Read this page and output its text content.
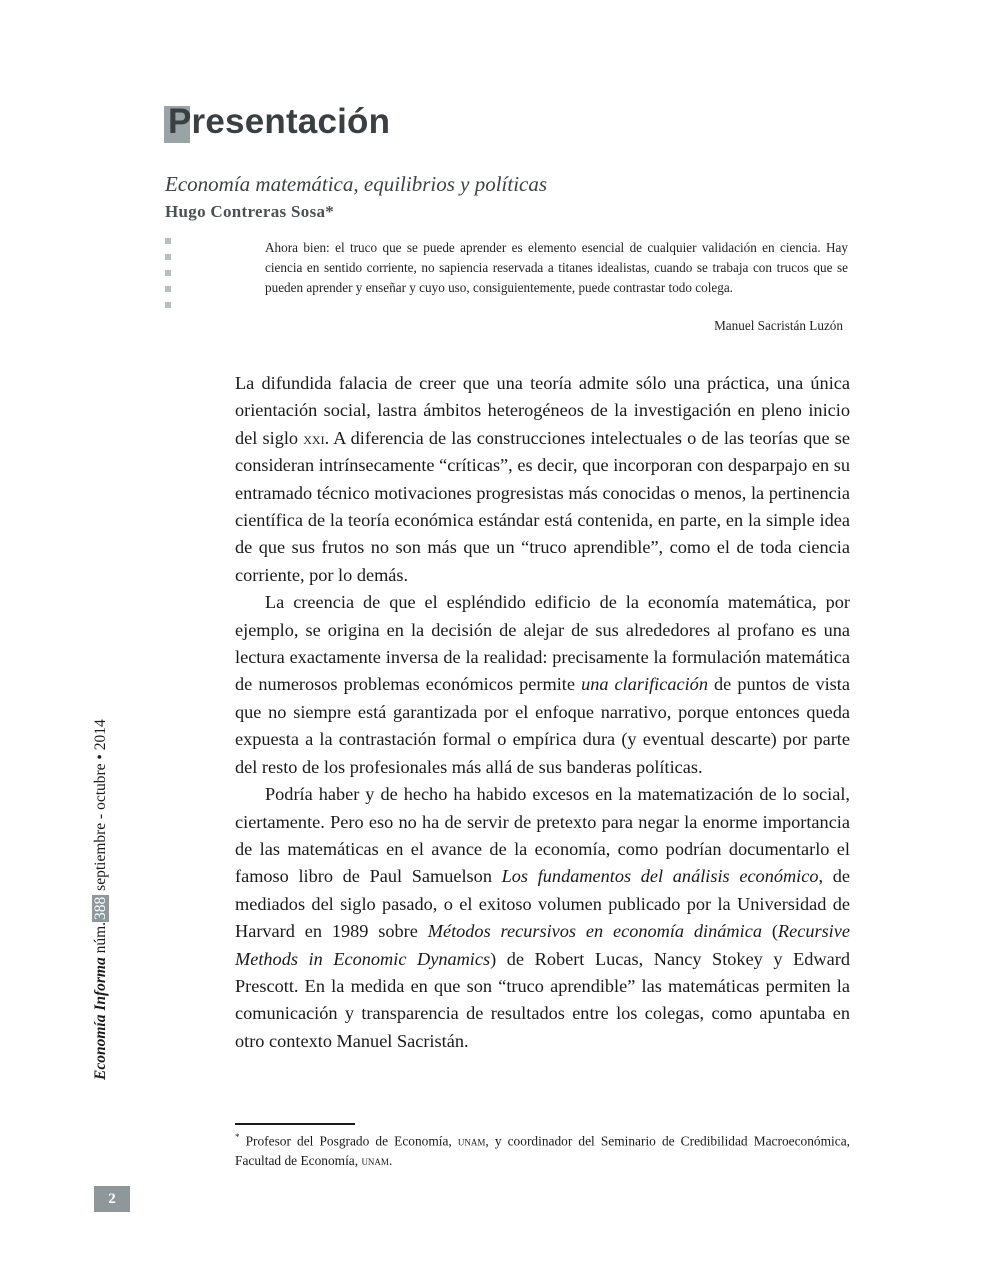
Presentación
Economía matemática, equilibrios y políticas
Hugo Contreras Sosa*
Ahora bien: el truco que se puede aprender es elemento esencial de cualquier validación en ciencia. Hay ciencia en sentido corriente, no sapiencia reservada a titanes idealistas, cuando se trabaja con trucos que se pueden aprender y enseñar y cuyo uso, consiguientemente, puede contrastar todo colega.
Manuel Sacristán Luzón

La difundida falacia de creer que una teoría admite sólo una práctica, una única orientación social, lastra ámbitos heterogéneos de la investigación en pleno inicio del siglo xxi. A diferencia de las construcciones intelectuales o de las teorías que se consideran intrínsecamente “críticas”, es decir, que incorporan con desparpajo en su entramado técnico motivaciones progresistas más conocidas o menos, la pertinencia científica de la teoría económica estándar está contenida, en parte, en la simple idea de que sus frutos no son más que un “truco aprendible”, como el de toda ciencia corriente, por lo demás.

La creencia de que el espléndido edificio de la economía matemática, por ejemplo, se origina en la decisión de alejar de sus alrededores al profano es una lectura exactamente inversa de la realidad: precisamente la formulación matemática de numerosos problemas económicos permite una clarificación de puntos de vista que no siempre está garantizada por el enfoque narrativo, porque entonces queda expuesta a la contrastación formal o empírica dura (y eventual descarte) por parte del resto de los profesionales más allá de sus banderas políticas.

Podría haber y de hecho ha habido excesos en la matematización de lo social, ciertamente. Pero eso no ha de servir de pretexto para negar la enorme importancia de las matemáticas en el avance de la economía, como podrían documentarlo el famoso libro de Paul Samuelson Los fundamentos del análisis económico, de mediados del siglo pasado, o el exitoso volumen publicado por la Universidad de Harvard en 1989 sobre Métodos recursivos en economía dinámica (Recursive Methods in Economic Dynamics) de Robert Lucas, Nancy Stokey y Edward Prescott. En la medida en que son “truco aprendible” las matemáticas permiten la comunicación y transparencia de resultados entre los colegas, como apuntaba en otro contexto Manuel Sacristán.

* Profesor del Posgrado de Economía, unam, y coordinador del Seminario de Credibilidad Macroeconómica, Facultad de Economía, unam.
Economía Informa núm.388 septiembre - octubre • 2014
2
